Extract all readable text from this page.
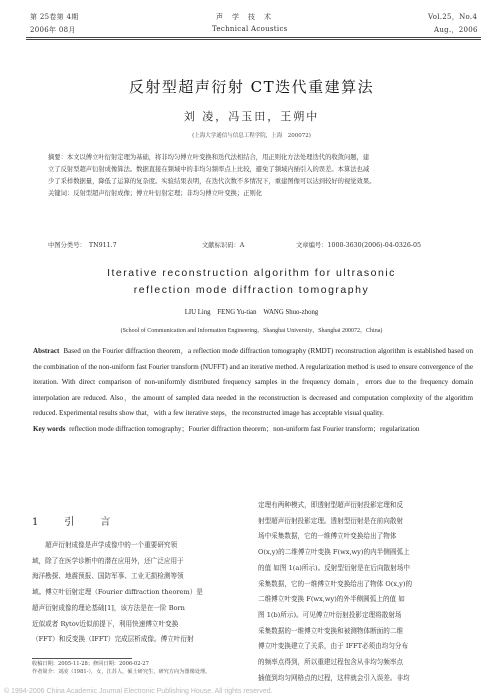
第 25卷第 4期	声　学　技　术	Vol.25，No.4
2006年 08月	Technical Acoustics	Aug.，2006
反射型超声衍射 CT迭代重建算法
刘 凌，冯玉田，王朔中
(上海大学通信与信息工程学院，上海　200072)
摘要：本文以傅立叶衍射定理为基础，将非均匀傅立叶变换和迭代法相结合，用正则化方法处理迭代的收敛问题，建
立了反射型超声衍射成像算法。数据直接在频域中的非均匀频率点上比较，避免了频域内插引入的误差。本算法也减
少了采样数据量，降低了运算的复杂度。实验结果表明，在迭代次数不多情况下，重建图像可以达到较好的视觉效果。
关键词：反射型超声衍射成像；傅立叶衍射定理；非均匀傅立叶变换；正则化
中图分类号：　TN911.7	文献标识码：A	文章编号：1000-3630(2006)-04-0326-05
Iterative reconstruction algorithm for ultrasonic
reflection mode diffraction tomography
LIU Ling　FENG Yu-tian　WANG Shuo-zhong
(School of Communication and Information Engineering，Shanghai University，Shanghai 200072，China)

Abstract Based on the Fourier diffraction theorem，a reflection mode diffraction tomography (RMDT) reconstruction algorithm is established based on the combination of the non-uniform fast Fourier transform (NUFFT) and an iterative method. A regularization method is used to ensure convergence of the iteration. With direct comparison of non-uniformly distributed frequency samples in the frequency domain，errors due to the frequency domain interpolation are reduced. Also，the amount of sampled data needed in the reconstruction is decreased and computation complexity of the algorithm reduced. Experimental results show that，with a few iterative steps，the reconstructed image has acceptable visual quality.

Key words reflection mode diffraction tomography；Fourier diffraction theorem；non-uniform fast Fourier transform；regularization

1　引　言

　　超声衍射成像是声学成像中的一个重要研究领

域，除了在医学诊断中的潜在应用外，还广泛应用于

海洋勘探、地震预报、国防军事、工业无损检测等领

域。傅立叶衍射定理（Fourier diffraction theorem）是

超声衍射成像的理论基础[1]，该方法是在一阶 Born

近似或者 Rytov近似前提下，利用快速傅立叶变换

（FFT）和反变换（IFFT）完成层析成像。傅立叶衍射

收稿日期：2005-11-28；修回日期：2006-02-27
作者简介：刘凌（1981-），女，江苏人，硕士研究生，研究方向为图像处理。

定理有两种模式，即透射型超声衍射投影定理和反

射型超声衍射投影定理。透射型衍射是在前向散射

场中采集数据，它的一维傅立叶变换给出了物体

O(x,y)的二维傅立叶变换 F(wx,wy)的内半侧圆弧上

的值 如图 1(a)所示)。反射型衍射是在后向散射场中

采集数据，它的一维傅立叶变换给出了物体 O(x,y)的

二维傅立叶变换 F(wx,wy)的外半侧圆弧上的值 如

图 1(b)所示)。可见傅立叶衍射投影定理将散射场

采集数据的一维傅立叶变换和被测物体断面的二维

傅立叶变换建立了关系，由于 IFFT必须由均匀分布

的频率点得到，所以重建过程包含从非均匀频率点

插值到均匀网格点的过程，这样就会引入误差。非均

© 1994-2006 China Academic Journal Electronic Publishing House. All rights reserved.
